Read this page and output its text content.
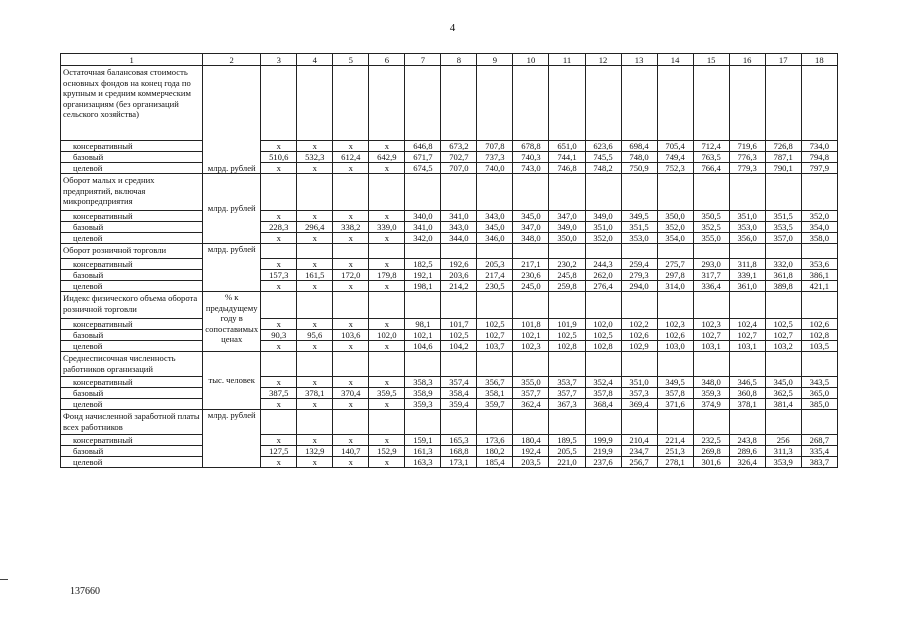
4
1	2	3	4	5	6	7	8	9	10	11	12	13	14	15	16	17	18
Остаточная балансовая стоимость основных фондов на конец года по крупным и средним коммерческим организациям (без организаций сельского хозяйства)	млрд. рублей																
консервативный		x	x	x	x	646,8	673,2	707,8	678,8	651,0	623,6	698,4	705,4	712,4	719,6	726,8	734,0
базовый		510,6	532,3	612,4	642,9	671,7	702,7	737,3	740,3	744,1	745,5	748,0	749,4	763,5	776,3	787,1	794,8
целевой		x	x	x	x	674,5	707,0	740,0	743,0	746,8	748,2	750,9	752,3	766,4	779,3	790,1	797,9
Оборот малых и средних предприятий, включая микропредприятия	млрд. рублей																
консервативный		x	x	x	x	340,0	341,0	343,0	345,0	347,0	349,0	349,5	350,0	350,5	351,0	351,5	352,0
базовый		228,3	296,4	338,2	339,0	341,0	343,0	345,0	347,0	349,0	351,0	351,5	352,0	352,5	353,0	353,5	354,0
целевой		x	x	x	x	342,0	344,0	346,0	348,0	350,0	352,0	353,0	354,0	355,0	356,0	357,0	358,0
Оборот розничной торговли	млрд. рублей																
консервативный		x	x	x	x	182,5	192,6	205,3	217,1	230,2	244,3	259,4	275,7	293,0	311,8	332,0	353,6
базовый		157,3	161,5	172,0	179,8	192,1	203,6	217,4	230,6	245,8	262,0	279,3	297,8	317,7	339,1	361,8	386,1
целевой		x	x	x	x	198,1	214,2	230,5	245,0	259,8	276,4	294,0	314,0	336,4	361,0	389,8	421,1
Индекс физического объема оборота розничной торговли	% к предыдущему году в сопоставимых ценах																
консервативный		x	x	x	x	98,1	101,7	102,5	101,8	101,9	102,0	102,2	102,3	102,3	102,4	102,5	102,6
базовый		90,3	95,6	103,6	102,0	102,1	102,5	102,7	102,1	102,5	102,5	102,6	102,6	102,7	102,7	102,7	102,8
целевой		x	x	x	x	104,6	104,2	103,7	102,3	102,8	102,8	102,9	103,0	103,1	103,1	103,2	103,5
Среднесписочная численность работников организаций	тыс. человек																
консервативный		x	x	x	x	358,3	357,4	356,7	355,0	353,7	352,4	351,0	349,5	348,0	346,5	345,0	343,5
базовый		387,5	378,1	370,4	359,5	358,9	358,4	358,1	357,7	357,7	357,8	357,3	357,8	359,3	360,8	362,5	365,0
целевой		x	x	x	x	359,3	359,4	359,7	362,4	367,3	368,4	369,4	371,6	374,9	378,1	381,4	385,0
Фонд начисленной заработной платы всех работников	млрд. рублей																
консервативный		x	x	x	x	159,1	165,3	173,6	180,4	189,5	199,9	210,4	221,4	232,5	243,8	256	268,7
базовый		127,5	132,9	140,7	152,9	161,3	168,8	180,2	192,4	205,5	219,9	234,7	251,3	269,8	289,6	311,3	335,4
целевой		x	x	x	x	163,3	173,1	185,4	203,5	221,0	237,6	256,7	278,1	301,6	326,4	353,9	383,7
137660
